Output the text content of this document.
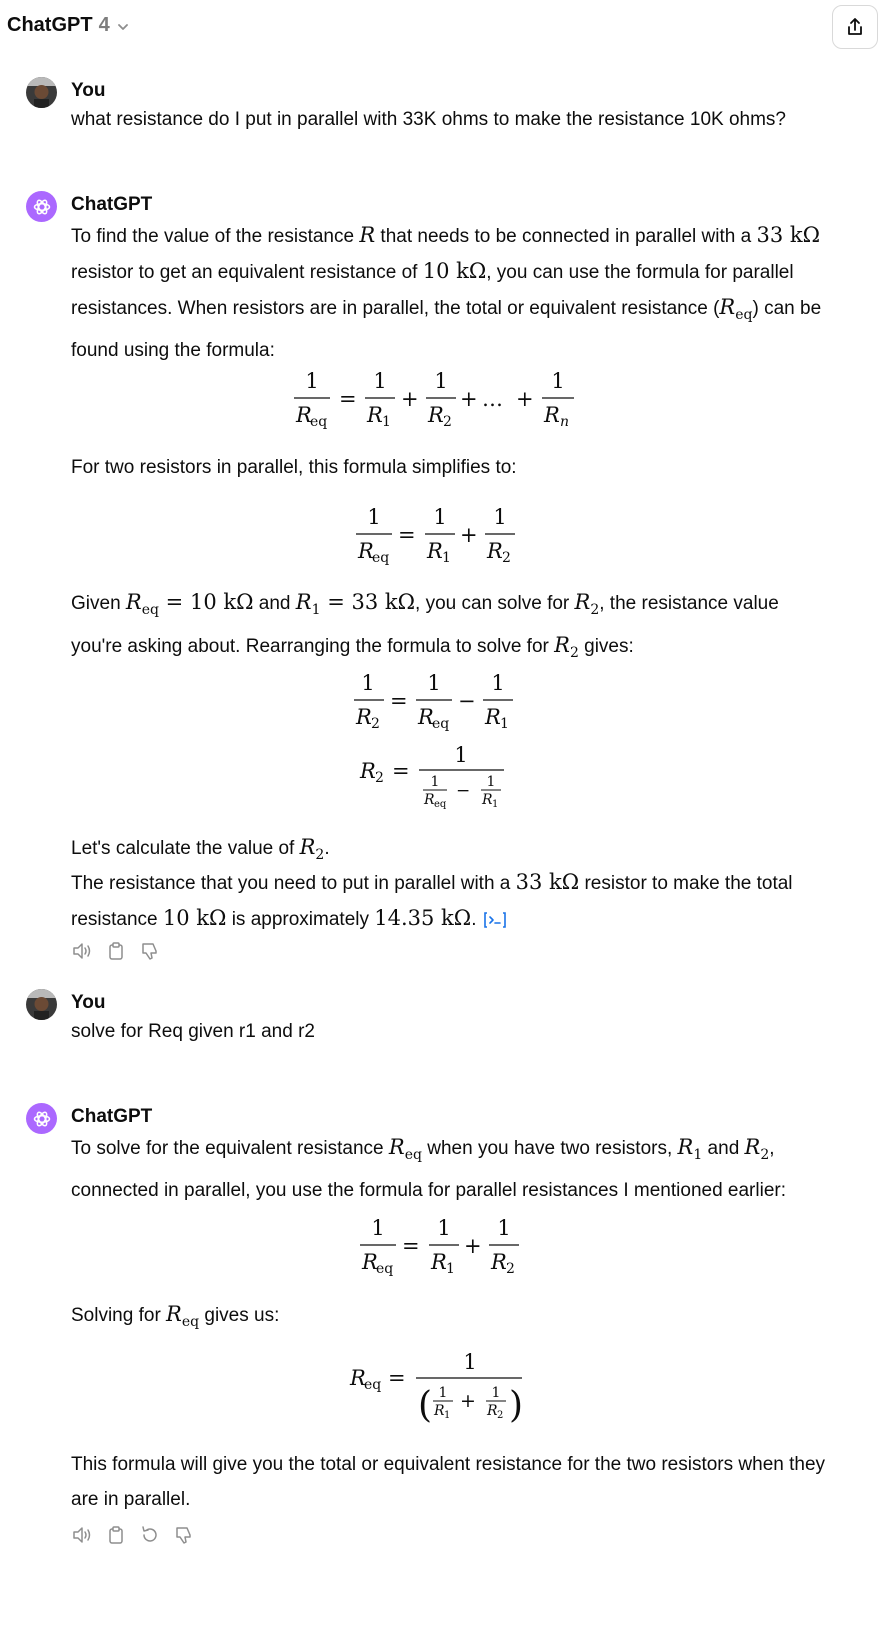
ChatGPT 4
You
what resistance do I put in parallel with 33K ohms to make the resistance 10K ohms?
ChatGPT
To find the value of the resistance R that needs to be connected in parallel with a 33 kΩ resistor to get an equivalent resistance of 10 kΩ, you can use the formula for parallel resistances. When resistors are in parallel, the total or equivalent resistance $(R_{eq})$ can be found using the formula:
1
R
eq
=
1
R 1
+
1
R 2
+ … +
1
R n
For two resistors in parallel, this formula simplifies to:
1
R
eq
=
1
R 1
+
1
R 2
Given $R_{eq} = 10$ kΩ and $R_1 = 33$ kΩ, you can solve for $R_2$, the resistance value you're asking about. Rearranging the formula to solve for $R_2$ gives:
1
R 2
=
1
R
eq
−
1
R 1
R 2 =
1
1
R eq
− 1
R 1
Let's calculate the value of $R_2$.
The resistance that you need to put in parallel with a 33 kΩ resistor to make the total resistance 10 kΩ is approximately 14.35 kΩ.
You
solve for Req given r1 and r2
ChatGPT
To solve for the equivalent resistance $R_{eq}$ when you have two resistors, $R_1$ and $R_2$, connected in parallel, you use the formula for parallel resistances I mentioned earlier:
1
R
eq
=
1
R 1
+
1
R 2
Solving for $R_{eq}$ gives us:
R
eq =
1
( 1
R 1
+ 1
R 2 )
This formula will give you the total or equivalent resistance for the two resistors when they are in parallel.
